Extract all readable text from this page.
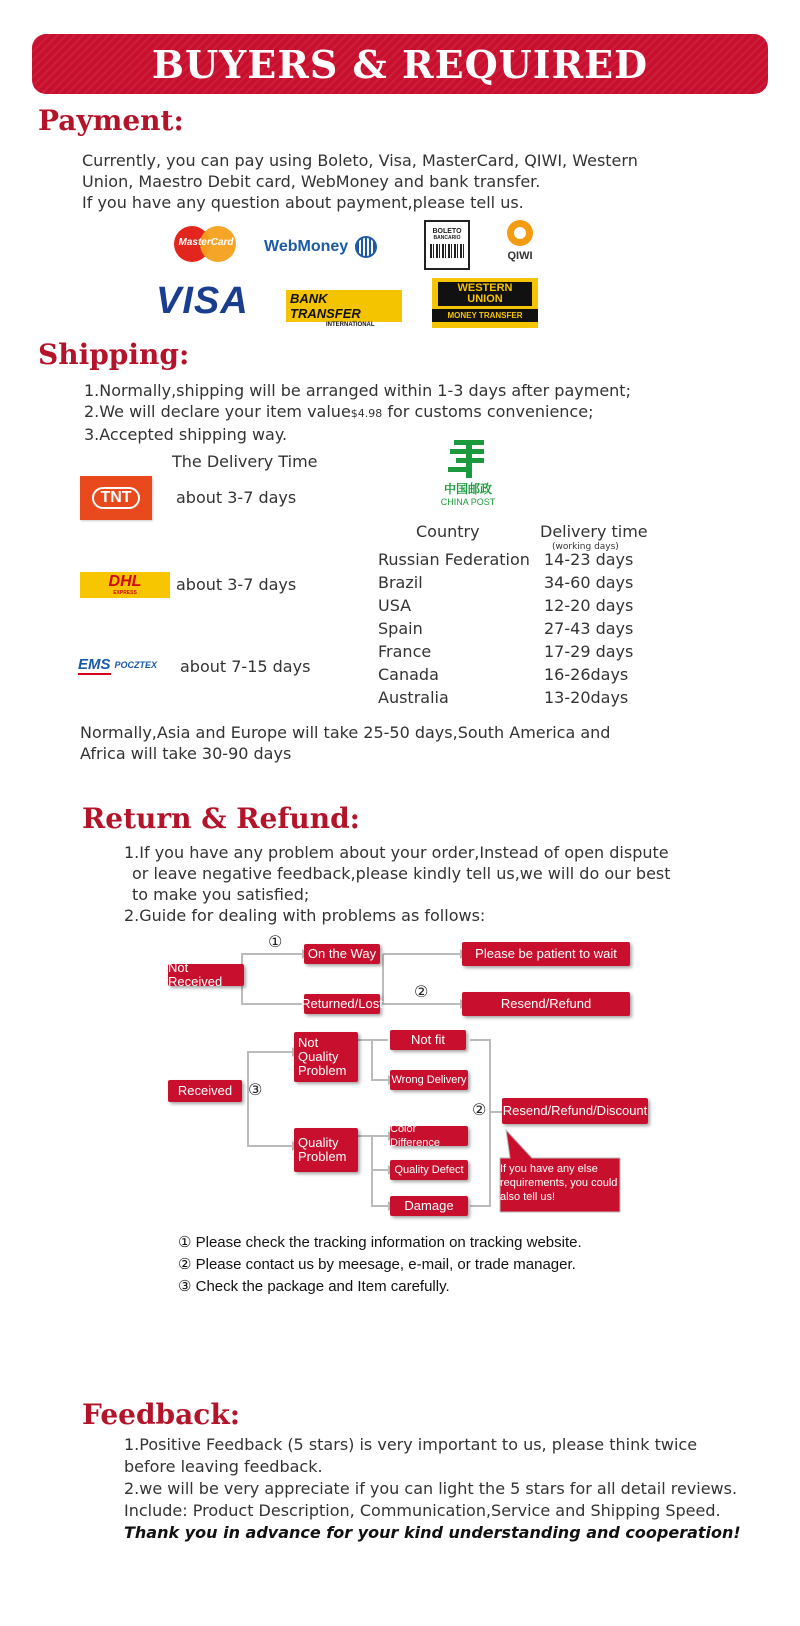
BUYERS & REQUIRED
Payment:
Currently, you can pay using Boleto, Visa, MasterCard, QIWI, Western
Union, Maestro Debit card, WebMoney and bank transfer.
If you have any question about payment,please tell us.
MasterCard WebMoney
BOLETO
BANCARIO
QIWI
VISA	BANK TRANSFER
INTERNATIONAL
WESTERN
UNION
MONEY TRANSFER
Shipping:
1.Normally,shipping will be arranged within 1-3 days after payment;
2.We will declare your item value$4.98 for customs convenience;
3.Accepted shipping way.
The Delivery Time
TNT	about 3-7 days
DHL
EXPRESS about 3-7 days
EMS POCZTEX about 7-15 days
中国邮政
CHINA POST
Country	Delivery time
(working days)
Russian Federation 14-23 days
Brazil	34-60 days
USA	12-20 days
Spain	27-43 days
France	17-29 days
Canada	16-26days
Australia	13-20days
Normally,Asia and Europe will take 25-50 days,South America and
Africa will take 30-90 days
Return & Refund:
1.If you have any problem about your order,Instead of open dispute
or leave negative feedback,please kindly tell us,we will do our best
to make you satisfied;
2.Guide for dealing with problems as follows:
Not Received
①
On the Way
Returned/Lost
②
Please be patient to wait
Resend/Refund
Received ③
Not Quality Problem
Quality Problem
Not fit
Wrong Delivery
Color Difference
Quality Defect
Damage
② Resend/Refund/Discount
If you have any else requirements, you could also tell us!
① Please check the tracking information on tracking website.
② Please contact us by meesage, e-mail, or trade manager.
③ Check the package and Item carefully.
Feedback:
1.Positive Feedback (5 stars) is very important to us, please think twice
before leaving feedback.
2.we will be very appreciate if you can light the 5 stars for all detail reviews.
Include: Product Description, Communication,Service and Shipping Speed.
Thank you in advance for your kind understanding and cooperation!
